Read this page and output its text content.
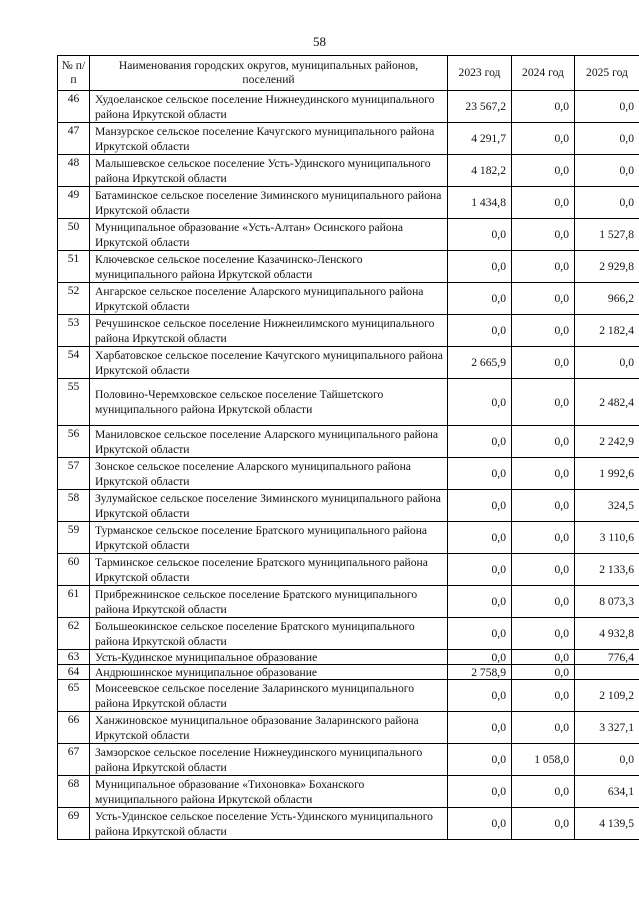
58
№ п/п	Наименования городских округов, муниципальных районов, поселений	2023 год	2024 год	2025 год
46	Худоеланское сельское поселение Нижнеудинского муниципального района Иркутской области	23 567,2	0,0	0,0
47	Манзурское сельское поселение Качугского муниципального района Иркутской области	4 291,7	0,0	0,0
48	Малышевское сельское поселение Усть-Удинского муниципального района Иркутской области	4 182,2	0,0	0,0
49	Батаминское сельское поселение Зиминского муниципального района Иркутской области	1 434,8	0,0	0,0
50	Муниципальное образование «Усть-Алтан» Осинского района Иркутской области	0,0	0,0	1 527,8
51	Ключевское сельское поселение Казачинско-Ленского муниципального района Иркутской области	0,0	0,0	2 929,8
52	Ангарское сельское поселение Аларского муниципального района Иркутской области	0,0	0,0	966,2
53	Речушинское сельское поселение Нижнеилимского муниципального района Иркутской области	0,0	0,0	2 182,4
54	Харбатовское сельское поселение Качугского муниципального района Иркутской области	2 665,9	0,0	0,0
55	Половино-Черемховское сельское поселение Тайшетского муниципального района Иркутской области	0,0	0,0	2 482,4
56	Маниловское сельское поселение Аларского муниципального района Иркутской области	0,0	0,0	2 242,9
57	Зонское сельское поселение Аларского муниципального района Иркутской области	0,0	0,0	1 992,6
58	Зулумайское сельское поселение Зиминского муниципального района Иркутской области	0,0	0,0	324,5
59	Турманское сельское поселение Братского муниципального района Иркутской области	0,0	0,0	3 110,6
60	Тарминское сельское поселение Братского муниципального района Иркутской области	0,0	0,0	2 133,6
61	Прибрежнинское сельское поселение Братского муниципального района Иркутской области	0,0	0,0	8 073,3
62	Большеокинское сельское поселение Братского муниципального района Иркутской области	0,0	0,0	4 932,8
63	Усть-Кудинское муниципальное образование	0,0	0,0	776,4
64	Андрюшинское муниципальное образование	2 758,9	0,0	
65	Моисеевское сельское поселение Заларинского муниципального района Иркутской области	0,0	0,0	2 109,2
66	Ханжиновское муниципальное образование Заларинского района Иркутской области	0,0	0,0	3 327,1
67	Замзорское сельское поселение Нижнеудинского муниципального района Иркутской области	0,0	1 058,0	0,0
68	Муниципальное образование «Тихоновка» Боханского муниципального района Иркутской области	0,0	0,0	634,1
69	Усть-Удинское сельское поселение Усть-Удинского муниципального района Иркутской области	0,0	0,0	4 139,5
